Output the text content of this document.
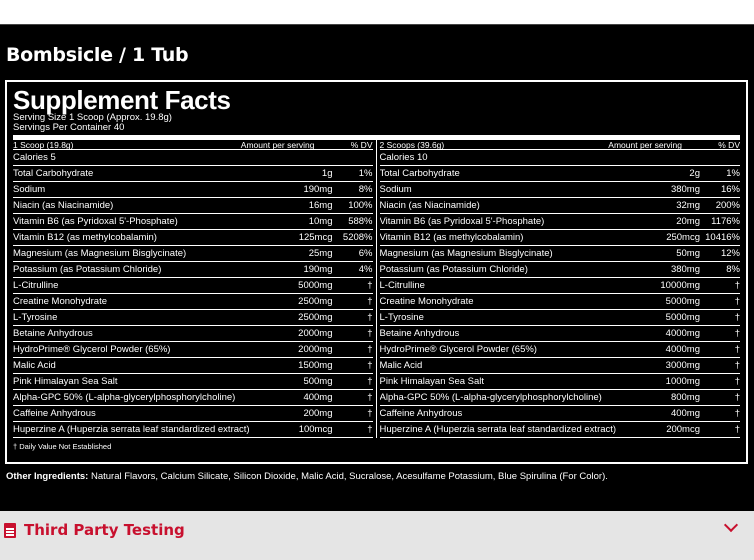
Bombsicle / 1 Tub
Supplement Facts
Serving Size 1 Scoop (Approx. 19.8g)
Servings Per Container 40
1 Scoop (19.8g)	Amount per serving	% DV
Calories 5
Total Carbohydrate	1g	1%
Sodium	190mg	8%
Niacin (as Niacinamide)	16mg	100%
Vitamin B6 (as Pyridoxal 5'-Phosphate)	10mg	588%
Vitamin B12 (as methylcobalamin)	125mcg	5208%
Magnesium (as Magnesium Bisglycinate)	25mg	6%
Potassium (as Potassium Chloride)	190mg	4%
L-Citrulline	5000mg	†
Creatine Monohydrate	2500mg	†
L-Tyrosine	2500mg	†
Betaine Anhydrous	2000mg	†
HydroPrime® Glycerol Powder (65%)	2000mg	†
Malic Acid	1500mg	†
Pink Himalayan Sea Salt	500mg	†
Alpha-GPC 50% (L-alpha-glycerylphosphorylcholine)	400mg	†
Caffeine Anhydrous	200mg	†
Huperzine A (Huperzia serrata leaf standardized extract)	100mcg	†
2 Scoops (39.6g)	Amount per serving	% DV
Calories 10
Total Carbohydrate	2g	1%
Sodium	380mg	16%
Niacin (as Niacinamide)	32mg	200%
Vitamin B6 (as Pyridoxal 5'-Phosphate)	20mg	1176%
Vitamin B12 (as methylcobalamin)	250mcg 10416%
Magnesium (as Magnesium Bisglycinate)	50mg	12%
Potassium (as Potassium Chloride)	380mg	8%
L-Citrulline	10000mg	†
Creatine Monohydrate	5000mg	†
L-Tyrosine	5000mg	†
Betaine Anhydrous	4000mg	†
HydroPrime® Glycerol Powder (65%)	4000mg	†
Malic Acid	3000mg	†
Pink Himalayan Sea Salt	1000mg	†
Alpha-GPC 50% (L-alpha-glycerylphosphorylcholine)	800mg	†
Caffeine Anhydrous	400mg	†
Huperzine A (Huperzia serrata leaf standardized extract)	200mcg	†
† Daily Value Not Established
Other Ingredients: Natural Flavors, Calcium Silicate, Silicon Dioxide, Malic Acid, Sucralose, Acesulfame Potassium, Blue Spirulina (For Color).
Third Party Testing
